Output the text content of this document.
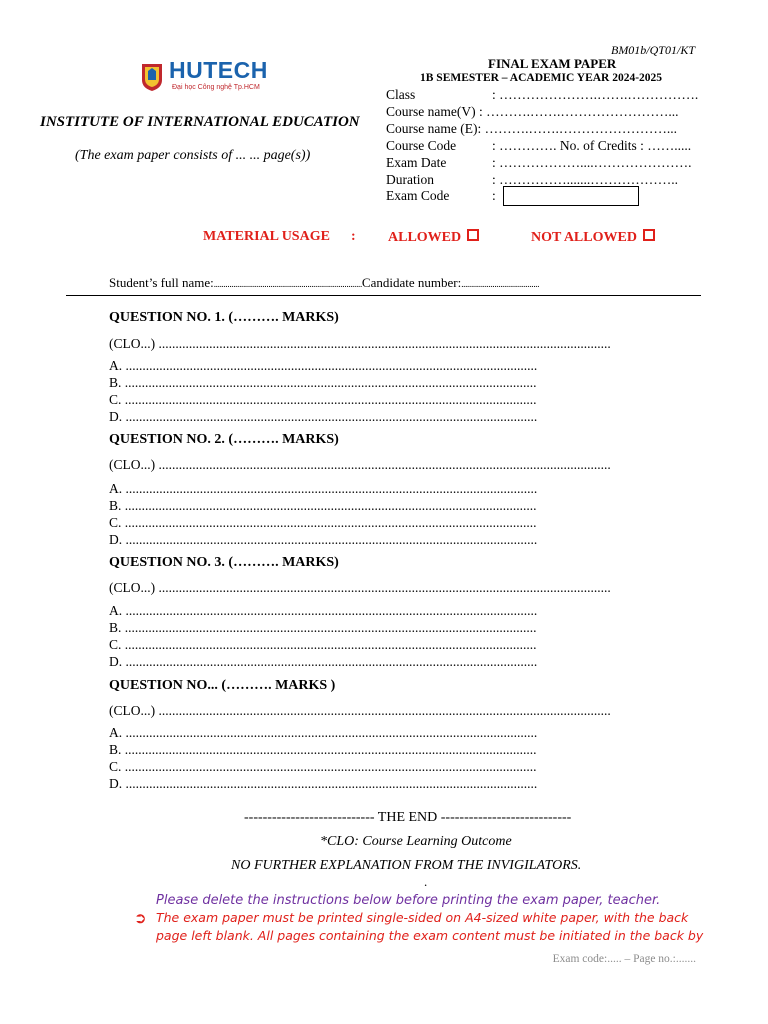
BM01b/QT01/KT
HUTECH
Đại học Công nghệ Tp.HCM
INSTITUTE OF INTERNATIONAL EDUCATION
(The exam paper consists of ... ... page(s))
FINAL EXAM PAPER
1B SEMESTER – ACADEMIC YEAR 2024-2025
Class	: ………………….…….…………….
Course name(V) : ……….…….……………………...
Course name (E): ……….…….……………………...
Course Code	: …………. No. of Credits : …….....
Exam Date	: ………………....………………….
Duration	: …………….......………………..
Exam Code	:
MATERIAL USAGE : ALLOWED	NOT ALLOWED
Student’s full name:............................................................................Candidate number:........................................
QUESTION NO. 1. (………. MARKS)
(CLO...) ......................................................................................................................................
A. ..........................................................................................................................
B. ..........................................................................................................................
C. ..........................................................................................................................
D. ..........................................................................................................................
QUESTION NO. 2. (………. MARKS)
(CLO...) ......................................................................................................................................
A. ..........................................................................................................................
B. ..........................................................................................................................
C. ..........................................................................................................................
D. ..........................................................................................................................
QUESTION NO. 3. (………. MARKS)
(CLO...) ......................................................................................................................................
A. ..........................................................................................................................
B. ..........................................................................................................................
C. ..........................................................................................................................
D. ..........................................................................................................................
QUESTION NO... (………. MARKS )
(CLO...) ......................................................................................................................................
A. ..........................................................................................................................
B. ..........................................................................................................................
C. ..........................................................................................................................
D. ..........................................................................................................................
---------------------------- THE END ----------------------------
*CLO: Course Learning Outcome
NO FURTHER EXPLANATION FROM THE INVIGILATORS.
.
Please delete the instructions below before printing the exam paper, teacher.
➲ The exam paper must be printed single-sided on A4-sized white paper, with the back
page left blank. All pages containing the exam content must be initiated in the back by
Exam code:..... – Page no.:.......
